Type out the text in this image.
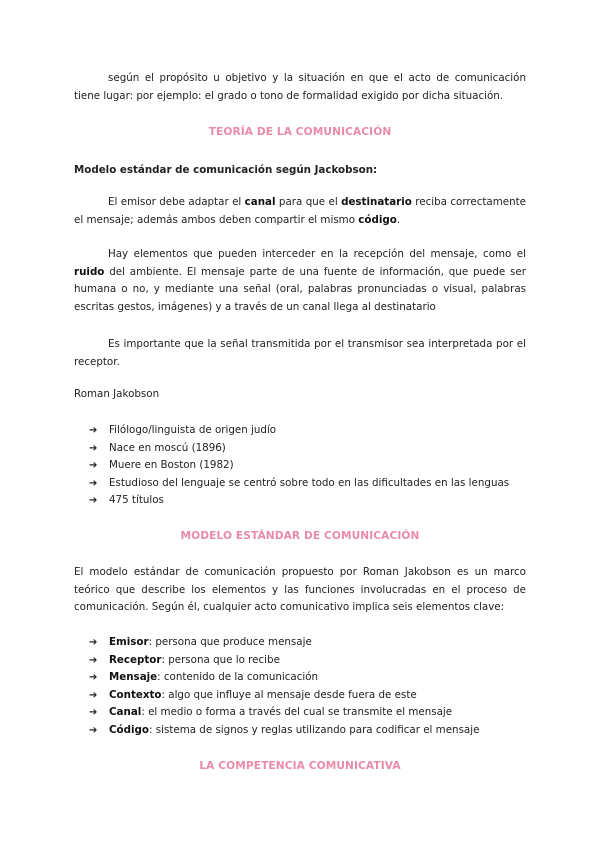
según el propósito u objetivo y la situación en que el acto de comunicación tiene lugar: por ejemplo: el grado o tono de formalidad exigido por dicha situación.

TEORÍA DE LA COMUNICACIÓN

Modelo estándar de comunicación según Jackobson:

El emisor debe adaptar el canal para que el destinatario reciba correctamente el mensaje; además ambos deben compartir el mismo código.

Hay elementos que pueden interceder en la recepción del mensaje, como el ruido del ambiente. El mensaje parte de una fuente de información, que puede ser humana o no, y mediante una señal (oral, palabras pronunciadas o visual, palabras escritas gestos, imágenes) y a través de un canal llega al destinatario

Es importante que la señal transmitida por el transmisor sea interpretada por el receptor.

Roman Jakobson

➔ Filólogo/linguista de origen judío
➔ Nace en moscú (1896)
➔ Muere en Boston (1982)
➔ Estudioso del lenguaje se centró sobre todo en las dificultades en las lenguas
➔ 475 títulos

MODELO ESTÁNDAR DE COMUNICACIÓN

El modelo estándar de comunicación propuesto por Roman Jakobson es un marco teórico que describe los elementos y las funciones involucradas en el proceso de comunicación. Según él, cualquier acto comunicativo implica seis elementos clave:

➔ Emisor: persona que produce mensaje
➔ Receptor: persona que lo recibe
➔ Mensaje: contenido de la comunicación
➔ Contexto: algo que influye al mensaje desde fuera de este
➔ Canal: el medio o forma a través del cual se transmite el mensaje
➔ Código: sistema de signos y reglas utilizando para codificar el mensaje

LA COMPETENCIA COMUNICATIVA
